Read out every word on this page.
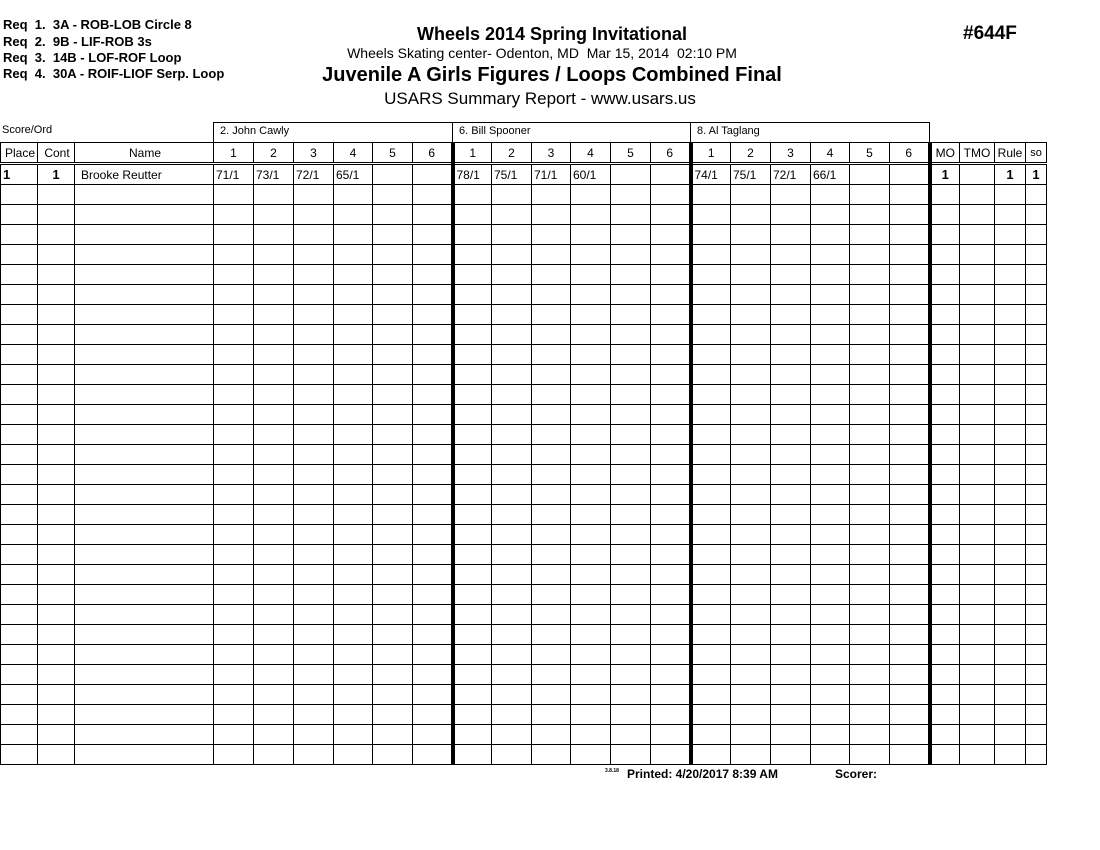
Req  1.  3A - ROB-LOB Circle 8
Req  2.  9B - LIF-ROB 3s
Req  3.  14B - LOF-ROF Loop
Req  4.  30A - ROIF-LIOF Serp. Loop
Wheels 2014 Spring Invitational
Wheels Skating center- Odenton, MD  Mar 15, 2014  02:10 PM
Juvenile A Girls Figures / Loops Combined Final
USARS Summary Report - www.usars.us
#644F
Score/Ord	2. John Cawly	6. Bill Spooner	8. Al Taglang
Place	Cont	Name	1	2	3	4	5	6	1	2	3	4	5	6	1	2	3	4	5	6	MO	TMO	Rule	so
1	1	Brooke Reutter	71/1	73/1	72/1	65/1			78/1	75/1	71/1	60/1			74/1	75/1	72/1	66/1			1		1	1

3.8.18 Printed: 4/20/2017 8:39 AM	Scorer:
